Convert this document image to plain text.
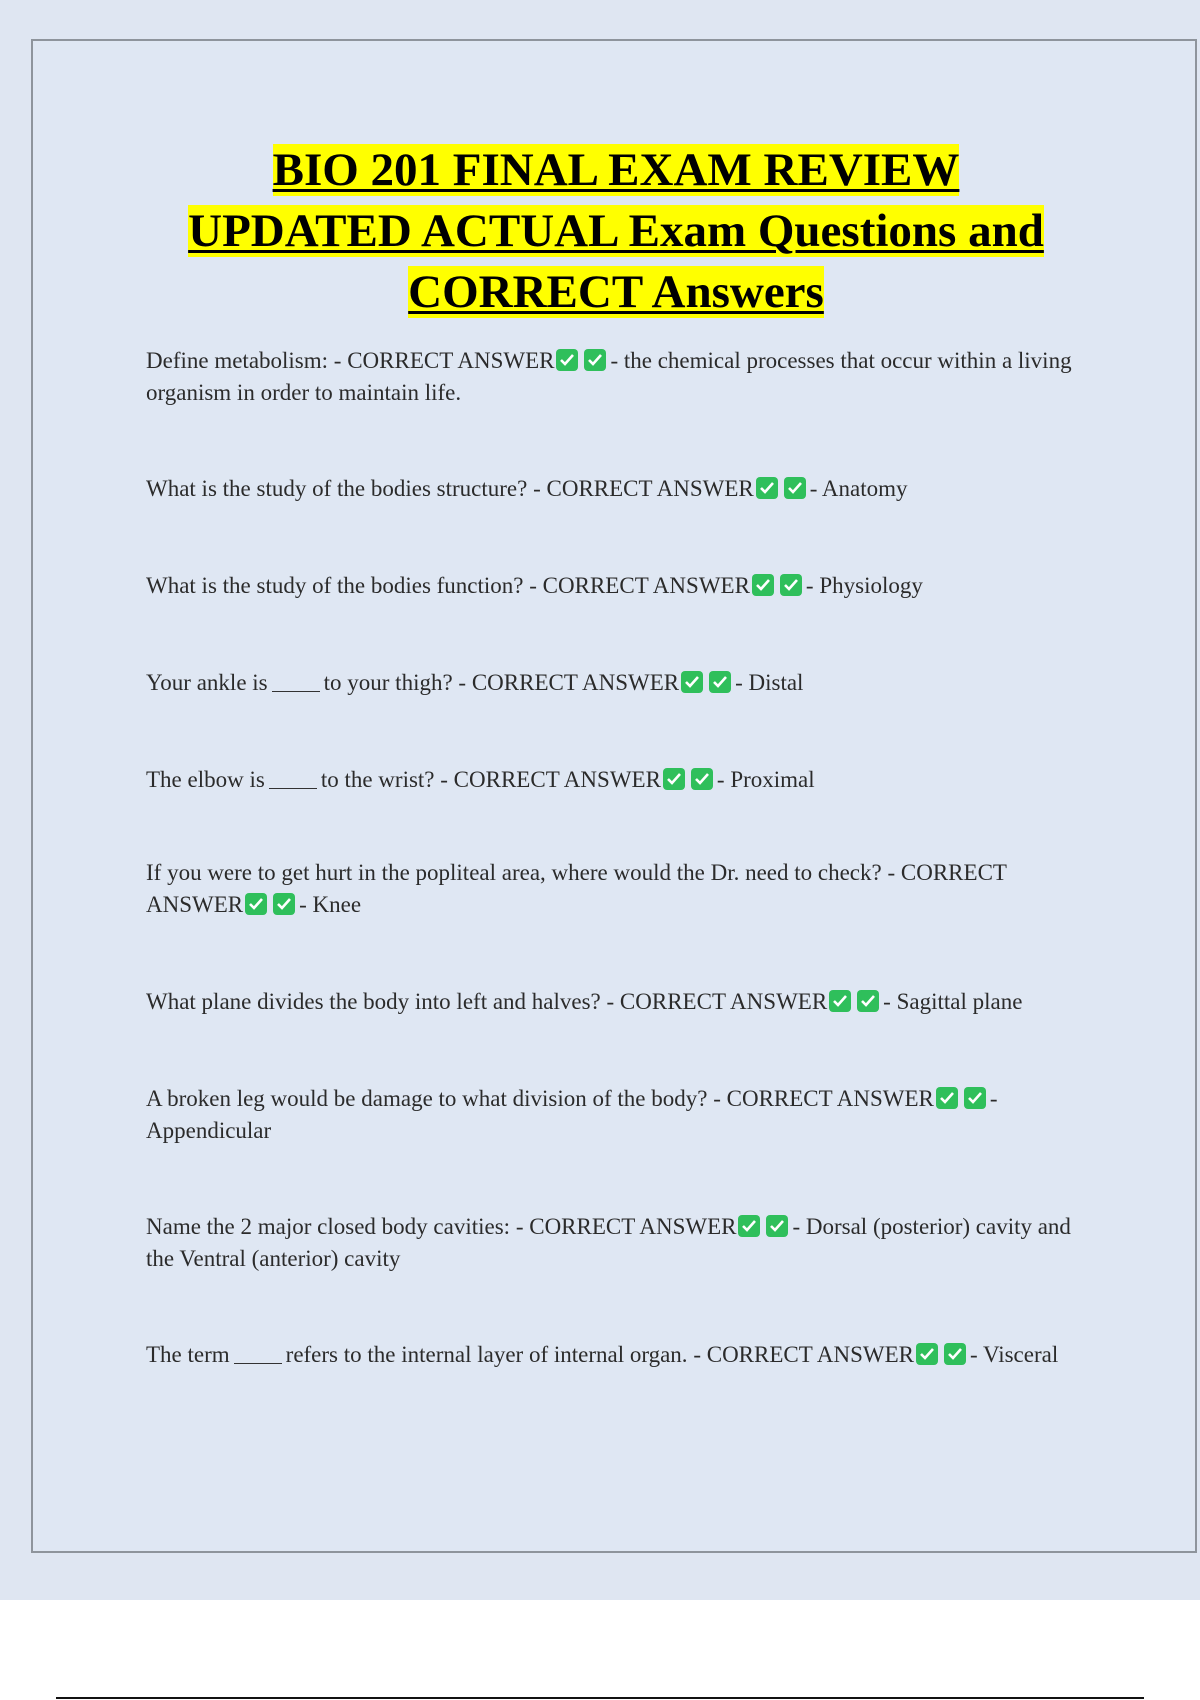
BIO 201 FINAL EXAM REVIEW
UPDATED ACTUAL Exam Questions and
CORRECT Answers
Define metabolism: - CORRECT ANSWER - the chemical processes that occur within a living organism in order to maintain life.
What is the study of the bodies structure? - CORRECT ANSWER - Anatomy
What is the study of the bodies function? - CORRECT ANSWER - Physiology
Your ankle is to your thigh? - CORRECT ANSWER - Distal
The elbow is to the wrist? - CORRECT ANSWER - Proximal
If you were to get hurt in the popliteal area, where would the Dr. need to check? - CORRECT ANSWER - Knee
What plane divides the body into left and halves? - CORRECT ANSWER - Sagittal plane
A broken leg would be damage to what division of the body? - CORRECT ANSWER - Appendicular
Name the 2 major closed body cavities: - CORRECT ANSWER - Dorsal (posterior) cavity and the Ventral (anterior) cavity
The term refers to the internal layer of internal organ. - CORRECT ANSWER - Visceral
